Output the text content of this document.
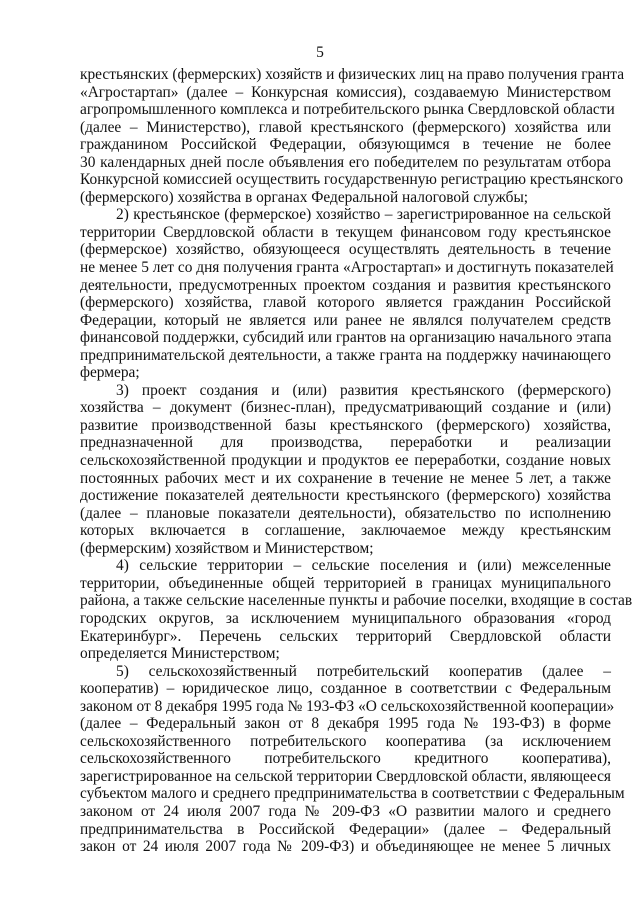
5
крестьянских (фермерских) хозяйств и физических лиц на право получения гранта
«Агростартап» (далее – Конкурсная комиссия), создаваемую Министерством
агропромышленного комплекса и потребительского рынка Свердловской области
(далее – Министерство), главой крестьянского (фермерского) хозяйства или
гражданином Российской Федерации, обязующимся в течение не более
30 календарных дней после объявления его победителем по результатам отбора
Конкурсной комиссией осуществить государственную регистрацию крестьянского
(фермерского) хозяйства в органах Федеральной налоговой службы;
2) крестьянское (фермерское) хозяйство – зарегистрированное на сельской
территории Свердловской области в текущем финансовом году крестьянское
(фермерское) хозяйство, обязующееся осуществлять деятельность в течение
не менее 5 лет со дня получения гранта «Агростартап» и достигнуть показателей
деятельности, предусмотренных проектом создания и развития крестьянского
(фермерского) хозяйства, главой которого является гражданин Российской
Федерации, который не является или ранее не являлся получателем средств
финансовой поддержки, субсидий или грантов на организацию начального этапа
предпринимательской деятельности, а также гранта на поддержку начинающего
фермера;
3) проект создания и (или) развития крестьянского (фермерского)
хозяйства – документ (бизнес-план), предусматривающий создание и (или)
развитие производственной базы крестьянского (фермерского) хозяйства,
предназначенной для производства, переработки и реализации
сельскохозяйственной продукции и продуктов ее переработки, создание новых
постоянных рабочих мест и их сохранение в течение не менее 5 лет, а также
достижение показателей деятельности крестьянского (фермерского) хозяйства
(далее – плановые показатели деятельности), обязательство по исполнению
которых включается в соглашение, заключаемое между крестьянским
(фермерским) хозяйством и Министерством;
4) сельские территории – сельские поселения и (или) межселенные
территории, объединенные общей территорией в границах муниципального
района, а также сельские населенные пункты и рабочие поселки, входящие в состав
городских округов, за исключением муниципального образования «город
Екатеринбург». Перечень сельских территорий Свердловской области
определяется Министерством;
5) сельскохозяйственный потребительский кооператив (далее –
кооператив) – юридическое лицо, созданное в соответствии с Федеральным
законом от 8 декабря 1995 года № 193-ФЗ «О сельскохозяйственной кооперации»
(далее – Федеральный закон от 8 декабря 1995 года № 193-ФЗ) в форме
сельскохозяйственного потребительского кооператива (за исключением
сельскохозяйственного потребительского кредитного кооператива),
зарегистрированное на сельской территории Свердловской области, являющееся
субъектом малого и среднего предпринимательства в соответствии с Федеральным
законом от 24 июля 2007 года № 209-ФЗ «О развитии малого и среднего
предпринимательства в Российской Федерации» (далее – Федеральный
закон от 24 июля 2007 года № 209-ФЗ) и объединяющее не менее 5 личных
